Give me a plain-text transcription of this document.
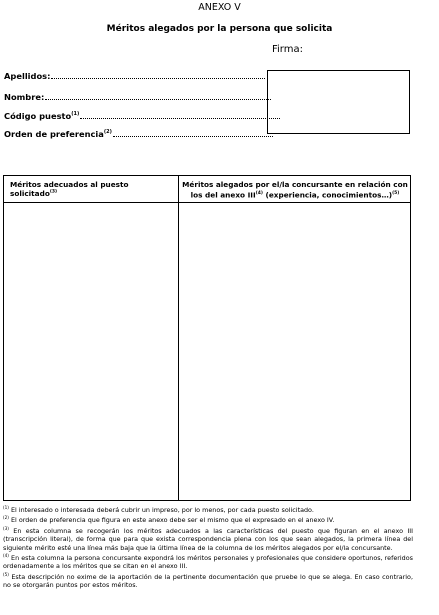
ANEXO V
Méritos alegados por la persona que solicita
Firma:
Apellidos:
Nombre:
Código puesto$^{(1)}$
Orden de preferencia$^{(2)}$
Méritos adecuados al puesto solicitado$^{(3)}$
Méritos alegados por el/la concursante en relación con los del anexo III$^{(4)}$ (experiencia, conocimientos…)$^{(5)}$

$^{(1)}$ El interesado o interesada deberá cubrir un impreso, por lo menos, por cada puesto solicitado.

$^{(2)}$ El orden de preferencia que figura en este anexo debe ser el mismo que el expresado en el anexo IV.

$^{(3)}$ En esta columna se recogerán los méritos adecuados a las características del puesto que figuran en el anexo III (transcripción literal), de forma que para que exista correspondencia plena con los que sean alegados, la primera línea del siguiente mérito esté una línea más baja que la última línea de la columna de los méritos alegados por el/la concursante.

$^{(4)}$ En esta columna la persona concursante expondrá los méritos personales y profesionales que considere oportunos, referidos ordenadamente a los méritos que se citan en el anexo III.

$^{(5)}$ Esta descripción no exime de la aportación de la pertinente documentación que pruebe lo que se alega. En caso contrario, no se otorgarán puntos por estos méritos.
